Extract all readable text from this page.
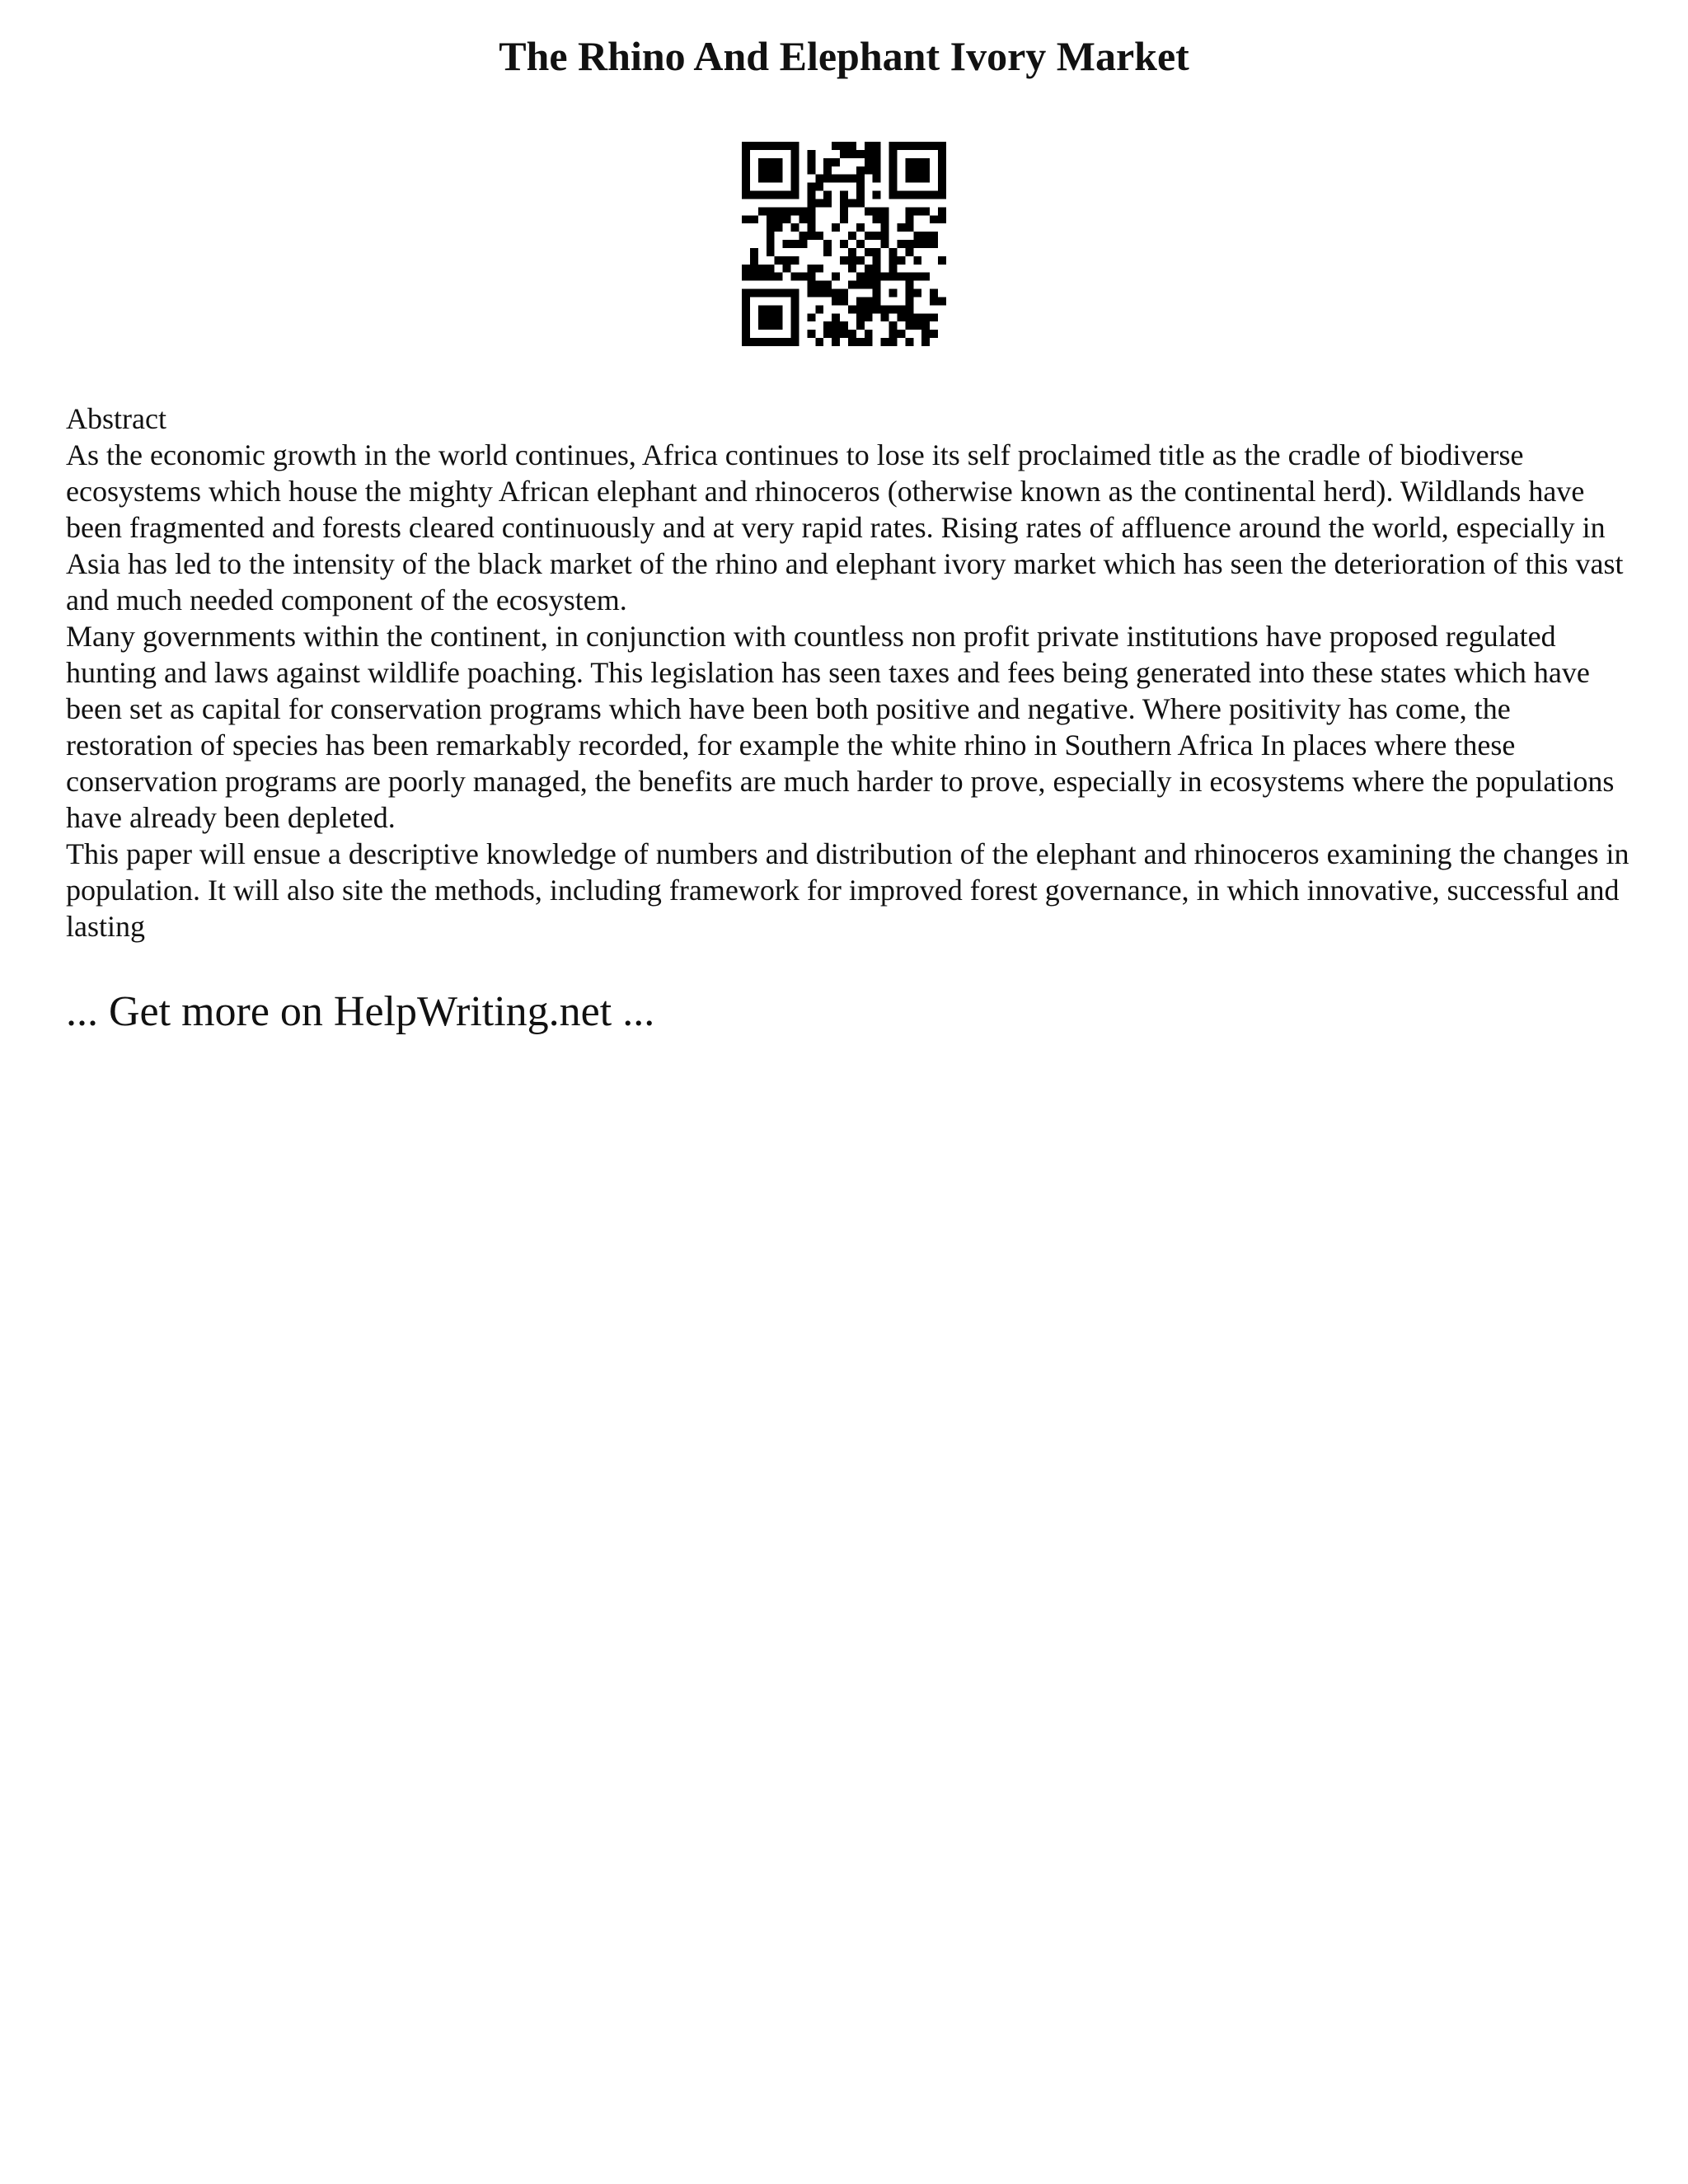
The Rhino And Elephant Ivory Market

Abstract

As the economic growth in the world continues, Africa continues to lose its self proclaimed title as the cradle of biodiverse ecosystems which house the mighty African elephant and rhinoceros (otherwise known as the continental herd). Wildlands have been fragmented and forests cleared continuously and at very rapid rates. Rising rates of affluence around the world, especially in Asia has led to the intensity of the black market of the rhino and elephant ivory market which has seen the deterioration of this vast and much needed component of the ecosystem.

Many governments within the continent, in conjunction with countless non profit private institutions have proposed regulated hunting and laws against wildlife poaching. This legislation has seen taxes and fees being generated into these states which have been set as capital for conservation programs which have been both positive and negative. Where positivity has come, the restoration of species has been remarkably recorded, for example the white rhino in Southern Africa In places where these conservation programs are poorly managed, the benefits are much harder to prove, especially in ecosystems where the populations have already been depleted.

This paper will ensue a descriptive knowledge of numbers and distribution of the elephant and rhinoceros examining the changes in population. It will also site the methods, including framework for improved forest governance, in which innovative, successful and lasting

... Get more on HelpWriting.net ...
